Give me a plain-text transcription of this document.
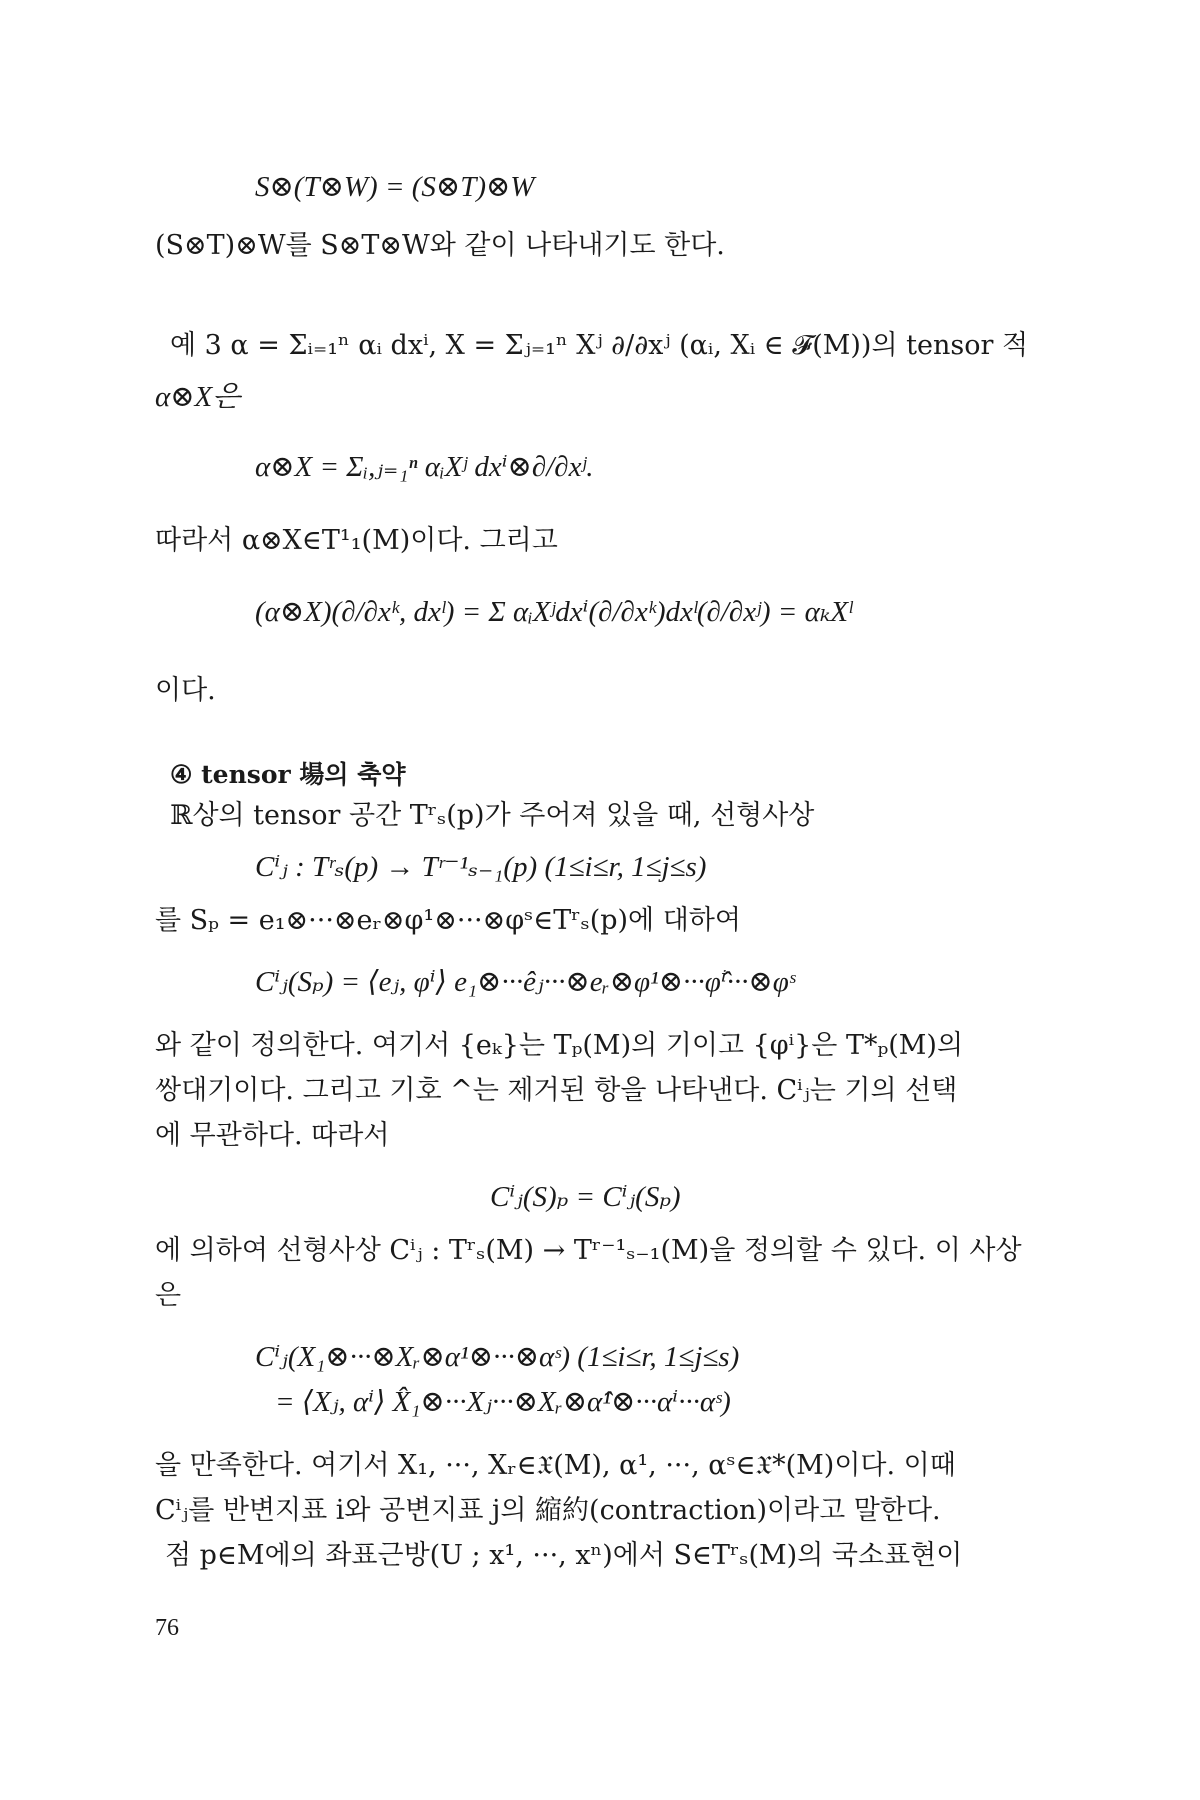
S⊗(T⊗W) = (S⊗T)⊗W
(S⊗T)⊗W를 S⊗T⊗W와 같이 나타내기도 한다.
예 3 α = Σᵢ₌₁ⁿ αᵢ dxⁱ, X = Σⱼ₌₁ⁿ Xʲ ∂/∂xʲ (αᵢ, Xᵢ ∈ 𝓕(M))의 tensor 적
α⊗X은
α⊗X = Σᵢ,ⱼ₌₁ⁿ αᵢXʲ dxⁱ⊗∂/∂xʲ.
따라서 α⊗X∈T¹₁(M)이다. 그리고
(α⊗X)(∂/∂xᵏ, dxˡ) = Σ αᵢXʲdxⁱ(∂/∂xᵏ)dxˡ(∂/∂xʲ) = αₖXˡ
이다.
④ tensor 場의 축약
ℝ상의 tensor 공간 Tʳₛ(p)가 주어져 있을 때, 선형사상
Cⁱⱼ : Tʳₛ(p) → Tʳ⁻¹ₛ₋₁(p) (1≤i≤r, 1≤j≤s)
를 Sₚ = e₁⊗···⊗eᵣ⊗φ¹⊗···⊗φˢ∈Tʳₛ(p)에 대하여
Cⁱⱼ(Sₚ) = ⟨eⱼ, φⁱ⟩ e₁⊗···êⱼ···⊗eᵣ⊗φ¹⊗···φ̂ⁱ···⊗φˢ
와 같이 정의한다. 여기서 {eₖ}는 Tₚ(M)의 기이고 {φⁱ}은 T*ₚ(M)의
쌍대기이다. 그리고 기호 ^는 제거된 항을 나타낸다. Cⁱⱼ는 기의 선택
에 무관하다. 따라서
Cⁱⱼ(S)ₚ = Cⁱⱼ(Sₚ)
에 의하여 선형사상 Cⁱⱼ : Tʳₛ(M) → Tʳ⁻¹ₛ₋₁(M)을 정의할 수 있다. 이 사상
은
Cⁱⱼ(X₁⊗···⊗Xᵣ⊗α¹⊗···⊗αˢ) (1≤i≤r, 1≤j≤s)
= ⟨Xⱼ, αⁱ⟩ X̂₁⊗···Xⱼ···⊗Xᵣ⊗α̂¹⊗···αⁱ···αˢ)
을 만족한다. 여기서 X₁, ···, Xᵣ∈𝔛(M), α¹, ···, αˢ∈𝔛*(M)이다. 이때
Cⁱⱼ를 반변지표 i와 공변지표 j의 縮約(contraction)이라고 말한다.
점 p∈M에의 좌표근방(U ; x¹, ···, xⁿ)에서 S∈Tʳₛ(M)의 국소표현이
76
